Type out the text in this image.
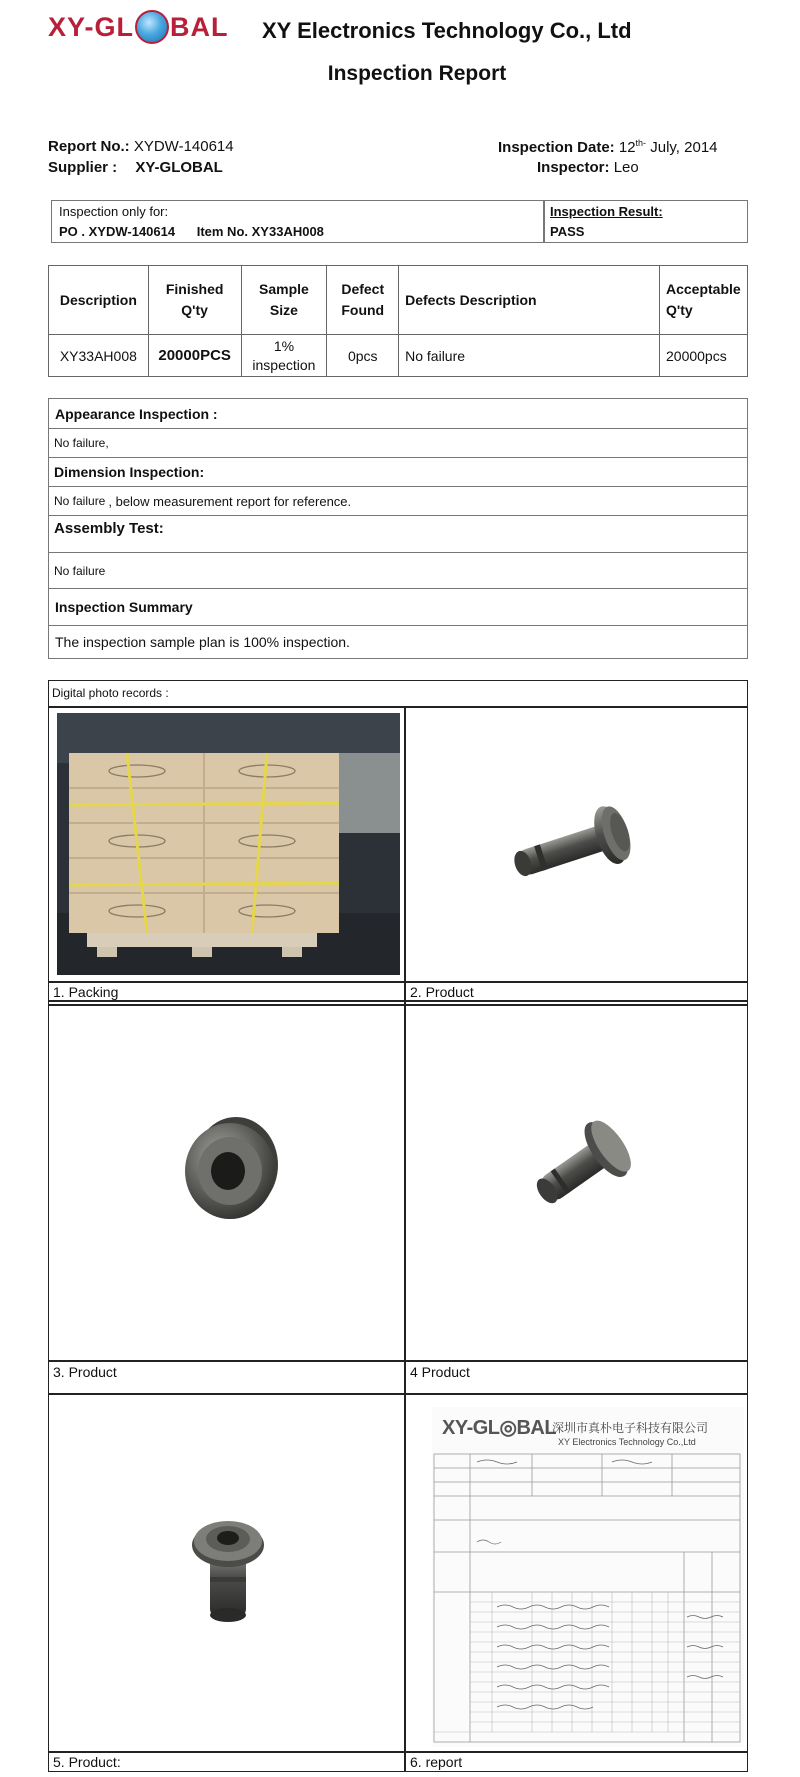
XY-GL BAL XY Electronics Technology Co., Ltd
Inspection Report
Report No.: XYDW-140614
Supplier : XY-GLOBAL
Inspection Date: $12^{th-}$ July, 2014
Inspector: Leo
Inspection only for:
PO . XYDW-140614 Item No. XY33AH008
Inspection Result:
PASS
Description	Finished Q'ty	Sample Size	Defect Found	Defects Description	Acceptable Q'ty
XY33AH008	20000PCS	1% inspection	0pcs	No failure	20000pcs
Appearance Inspection :
No failure,
Dimension Inspection:
No failure , below measurement report for reference.
Assembly Test:
No failure
Inspection Summary
The inspection sample plan is 100% inspection.
Digital photo records :
XY-GL◎BAL
深圳市真朴电子科技有限公司
XY Electronics Technology Co.,Ltd
1. Packing	2. Product
3. Product	4 Product
5. Product:	6. report
